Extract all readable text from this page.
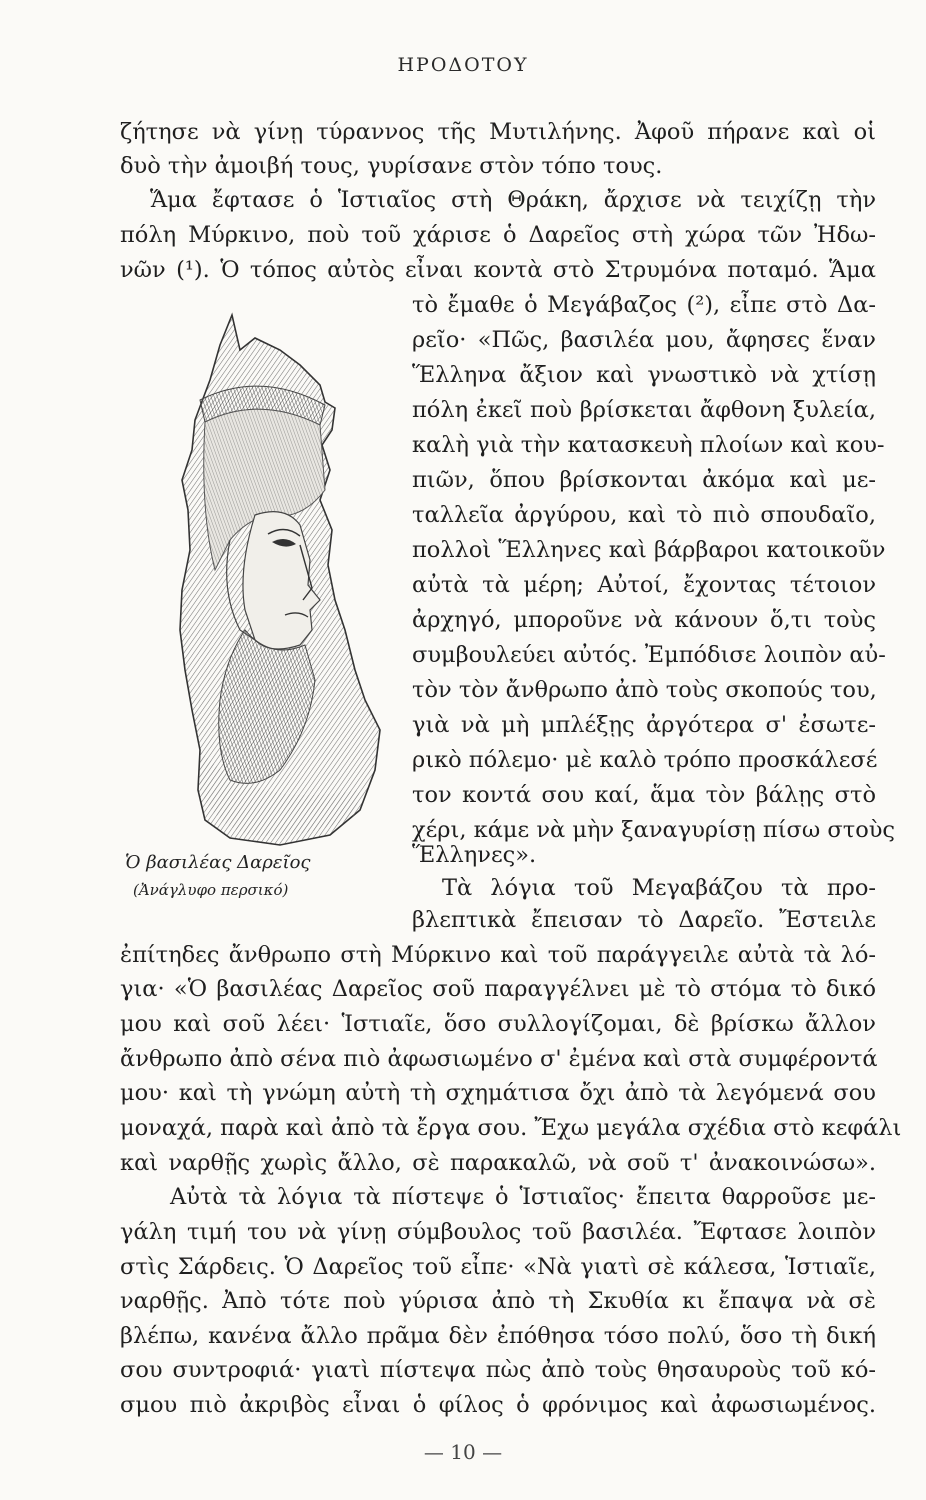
ΗΡΟΔΟΤΟΥ
ζήτησε νὰ γίνῃ τύραννος τῆς Μυτιλήνης. Ἀφοῦ πήρανε καὶ οἱ
δυὸ τὴν ἀμοιβή τους, γυρίσανε στὸν τόπο τους.
Ἅμα ἔφτασε ὁ Ἱστιαῖος στὴ Θράκη, ἄρχισε νὰ τειχίζῃ τὴν
πόλη Μύρκινο, ποὺ τοῦ χάρισε ὁ Δαρεῖος στὴ χώρα τῶν Ἠδω-
νῶν (¹). Ὁ τόπος αὐτὸς εἶναι κοντὰ στὸ Στρυμόνα ποταμό. Ἅμα
τὸ ἔμαθε ὁ Μεγάβαζος (²), εἶπε στὸ Δα-
ρεῖο· «Πῶς, βασιλέα μου, ἄφησες ἕναν
Ἕλληνα ἄξιον καὶ γνωστικὸ νὰ χτίσῃ
πόλη ἐκεῖ ποὺ βρίσκεται ἄφθονη ξυλεία,
καλὴ γιὰ τὴν κατασκευὴ πλοίων καὶ κου-
πιῶν, ὅπου βρίσκονται ἀκόμα καὶ με-
ταλλεῖα ἀργύρου, καὶ τὸ πιὸ σπουδαῖο,
πολλοὶ Ἕλληνες καὶ βάρβαροι κατοικοῦν
αὐτὰ τὰ μέρη; Αὐτοί, ἔχοντας τέτοιον
ἀρχηγό, μποροῦνε νὰ κάνουν ὅ,τι τοὺς
συμβουλεύει αὐτός. Ἐμπόδισε λοιπὸν αὐ-
τὸν τὸν ἄνθρωπο ἀπὸ τοὺς σκοπούς του,
γιὰ νὰ μὴ μπλέξῃς ἀργότερα σ' ἐσωτε-
ρικὸ πόλεμο· μὲ καλὸ τρόπο προσκάλεσέ
τον κοντά σου καί, ἅμα τὸν βάλῃς στὸ
χέρι, κάμε νὰ μὴν ξαναγυρίσῃ πίσω στοὺς
Ἕλληνες».
Τὰ λόγια τοῦ Μεγαβάζου τὰ προ-
βλεπτικὰ ἔπεισαν τὸ Δαρεῖο. Ἔστειλε
ἐπίτηδες ἄνθρωπο στὴ Μύρκινο καὶ τοῦ παράγγειλε αὐτὰ τὰ λό-
για· «Ὁ βασιλέας Δαρεῖος σοῦ παραγγέλνει μὲ τὸ στόμα τὸ δικό
μου καὶ σοῦ λέει· Ἱστιαῖε, ὅσο συλλογίζομαι, δὲ βρίσκω ἄλλον
ἄνθρωπο ἀπὸ σένα πιὸ ἀφωσιωμένο σ' ἐμένα καὶ στὰ συμφέροντά
μου· καὶ τὴ γνώμη αὐτὴ τὴ σχημάτισα ὄχι ἀπὸ τὰ λεγόμενά σου
μοναχά, παρὰ καὶ ἀπὸ τὰ ἔργα σου. Ἔχω μεγάλα σχέδια στὸ κεφάλι
καὶ ναρθῇς χωρὶς ἄλλο, σὲ παρακαλῶ, νὰ σοῦ τ' ἀνακοινώσω».
Αὐτὰ τὰ λόγια τὰ πίστεψε ὁ Ἱστιαῖος· ἔπειτα θαρροῦσε με-
γάλη τιμή του νὰ γίνῃ σύμβουλος τοῦ βασιλέα. Ἔφτασε λοιπὸν
στὶς Σάρδεις. Ὁ Δαρεῖος τοῦ εἶπε· «Νὰ γιατὶ σὲ κάλεσα, Ἱστιαῖε,
ναρθῇς. Ἀπὸ τότε ποὺ γύρισα ἀπὸ τὴ Σκυθία κι ἔπαψα νὰ σὲ
βλέπω, κανένα ἄλλο πρᾶμα δὲν ἐπόθησα τόσο πολύ, ὅσο τὴ δική
σου συντροφιά· γιατὶ πίστεψα πὼς ἀπὸ τοὺς θησαυροὺς τοῦ κό-
σμου πιὸ ἀκριβὸς εἶναι ὁ φίλος ὁ φρόνιμος καὶ ἀφωσιωμένος.
Ὁ βασιλέας Δαρεῖος
(Ἀνάγλυφο περσικό)
— 10 —
